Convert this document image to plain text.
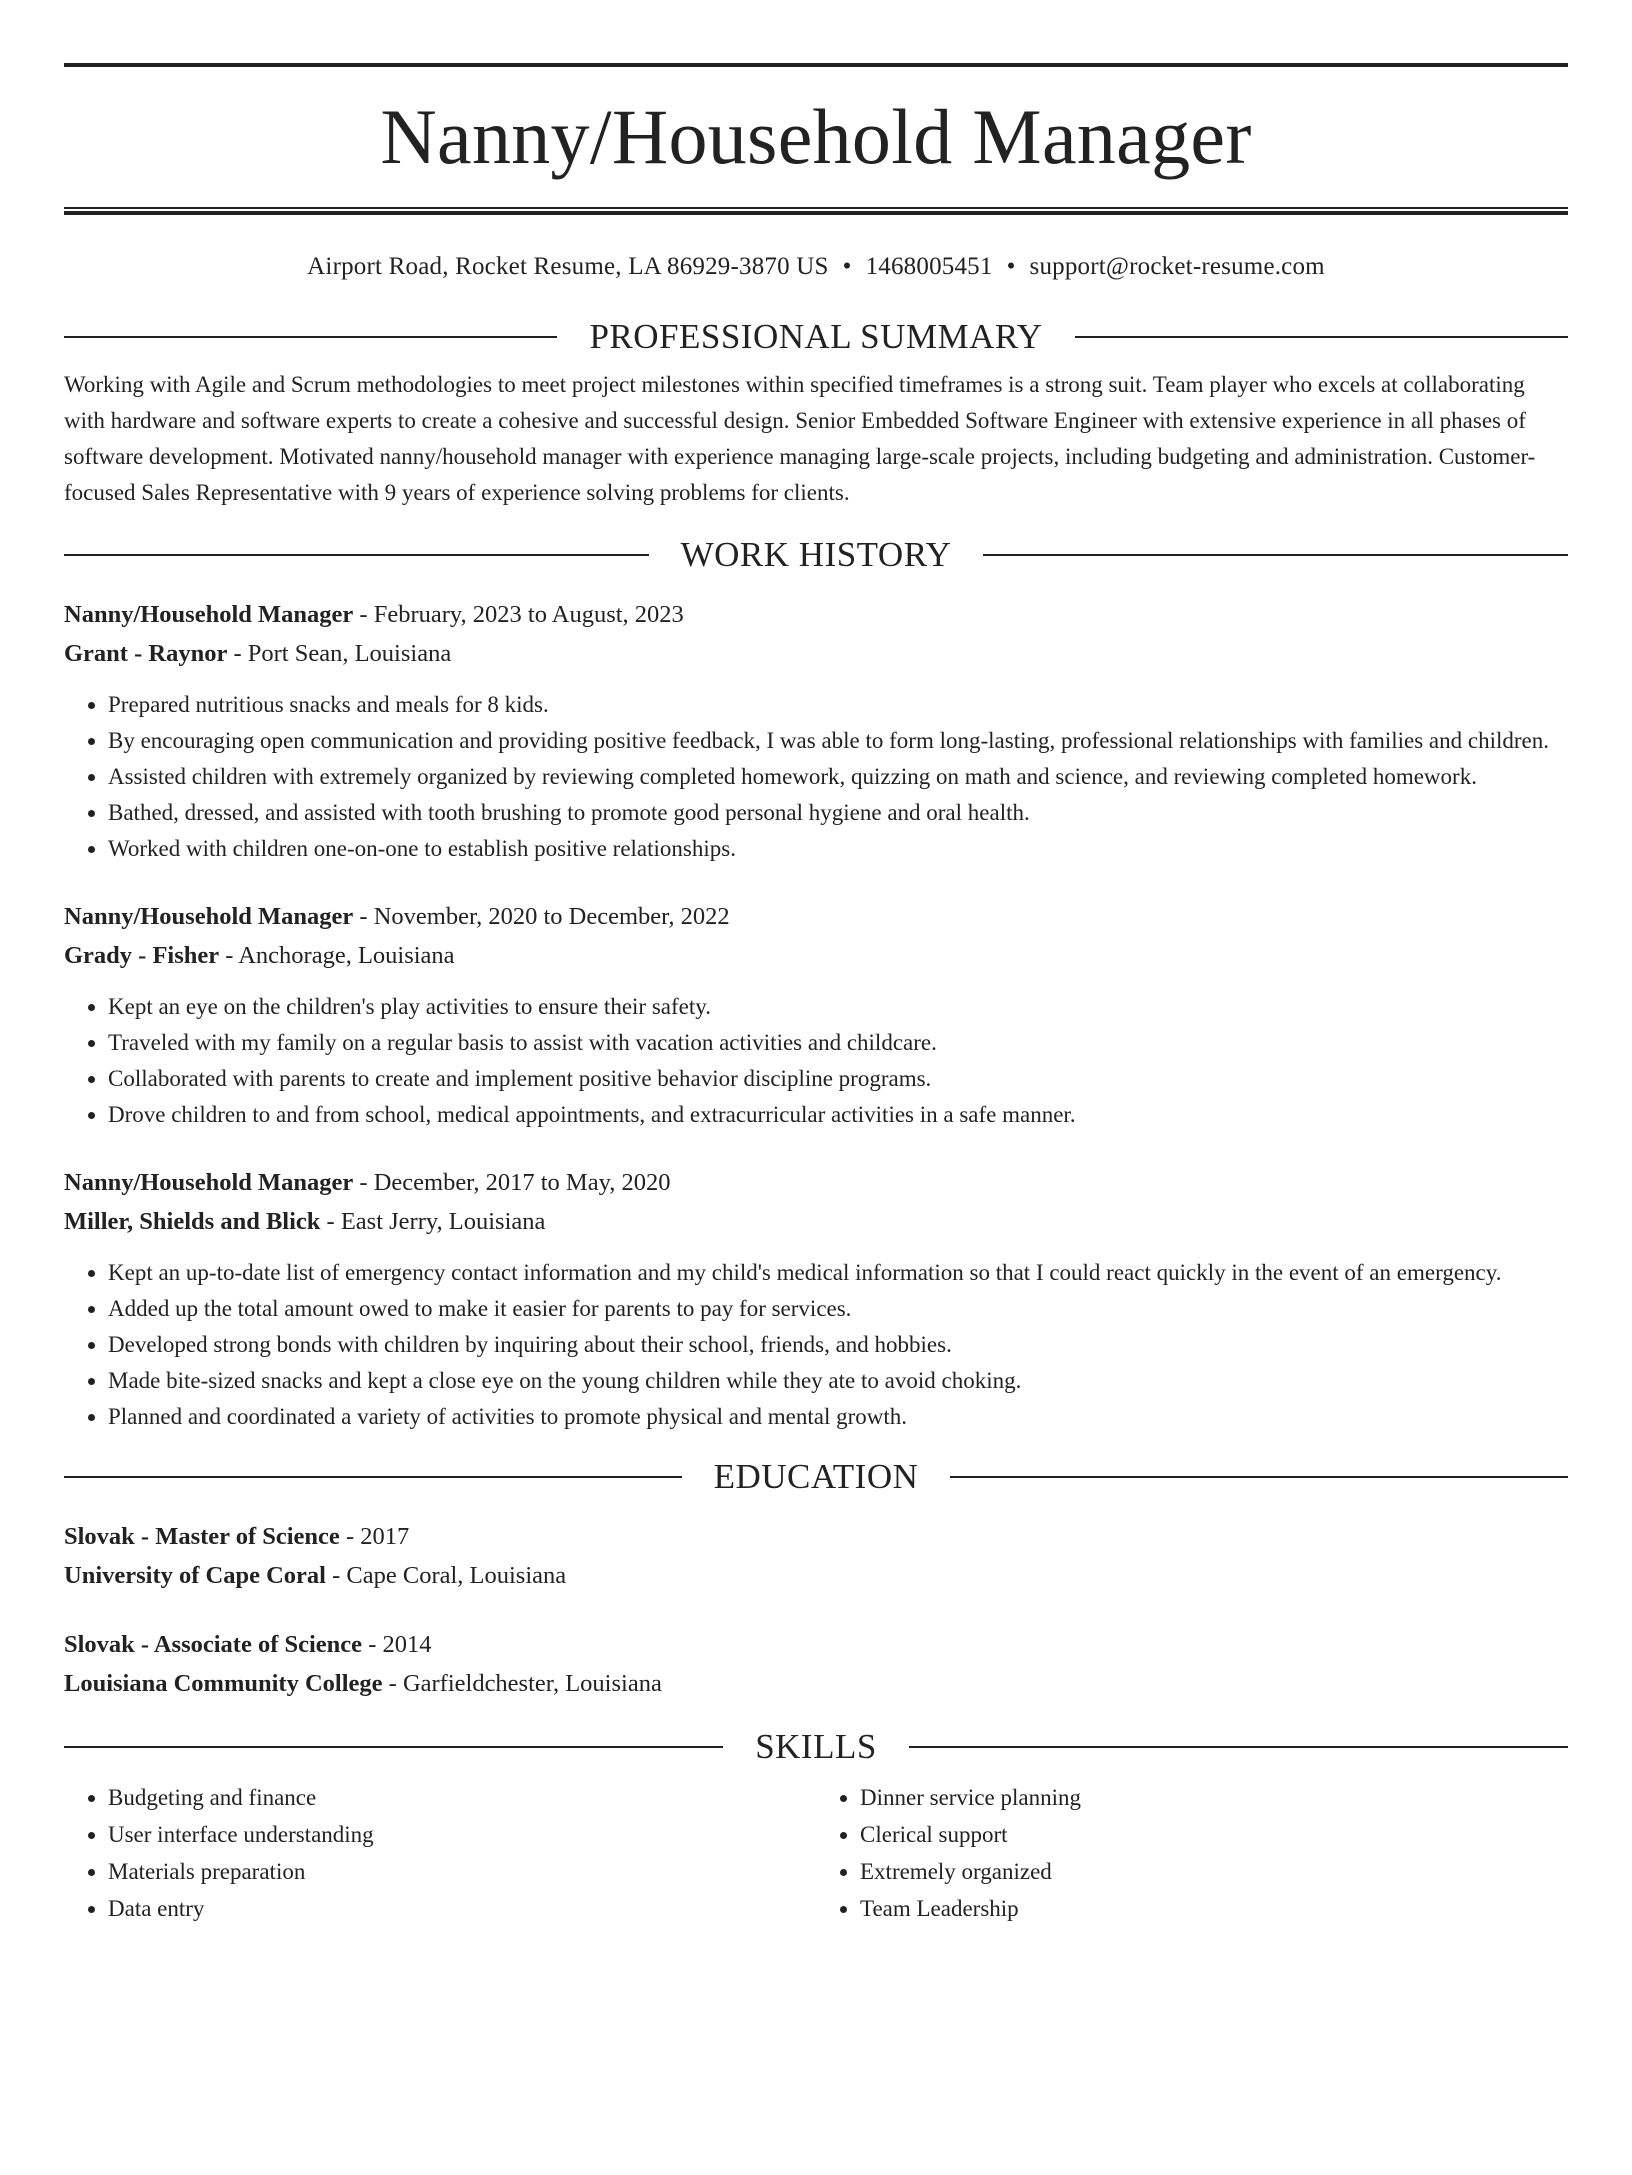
Nanny/Household Manager
Airport Road, Rocket Resume, LA 86929-3870 US • 1468005451 • support@rocket-resume.com
PROFESSIONAL SUMMARY

Working with Agile and Scrum methodologies to meet project milestones within specified timeframes is a strong suit. Team player who excels at collaborating with hardware and software experts to create a cohesive and successful design. Senior Embedded Software Engineer with extensive experience in all phases of software development. Motivated nanny/household manager with experience managing large-scale projects, including budgeting and administration. Customer-focused Sales Representative with 9 years of experience solving problems for clients.

WORK HISTORY
Nanny/Household Manager - February, 2023 to August, 2023
Grant - Raynor - Port Sean, Louisiana
• Prepared nutritious snacks and meals for 8 kids.
• By encouraging open communication and providing positive feedback, I was able to form long-lasting, professional relationships with families and children.
• Assisted children with extremely organized by reviewing completed homework, quizzing on math and science, and reviewing completed homework.
• Bathed, dressed, and assisted with tooth brushing to promote good personal hygiene and oral health.
• Worked with children one-on-one to establish positive relationships.
Nanny/Household Manager - November, 2020 to December, 2022
Grady - Fisher - Anchorage, Louisiana
• Kept an eye on the children's play activities to ensure their safety.
• Traveled with my family on a regular basis to assist with vacation activities and childcare.
• Collaborated with parents to create and implement positive behavior discipline programs.
• Drove children to and from school, medical appointments, and extracurricular activities in a safe manner.
Nanny/Household Manager - December, 2017 to May, 2020
Miller, Shields and Blick - East Jerry, Louisiana
• Kept an up-to-date list of emergency contact information and my child's medical information so that I could react quickly in the event of an emergency.
• Added up the total amount owed to make it easier for parents to pay for services.
• Developed strong bonds with children by inquiring about their school, friends, and hobbies.
• Made bite-sized snacks and kept a close eye on the young children while they ate to avoid choking.
• Planned and coordinated a variety of activities to promote physical and mental growth.
EDUCATION
Slovak - Master of Science - 2017
University of Cape Coral - Cape Coral, Louisiana
Slovak - Associate of Science - 2014
Louisiana Community College - Garfieldchester, Louisiana
SKILLS
• Budgeting and finance
• User interface understanding
• Materials preparation
• Data entry
• Dinner service planning
• Clerical support
• Extremely organized
• Team Leadership
